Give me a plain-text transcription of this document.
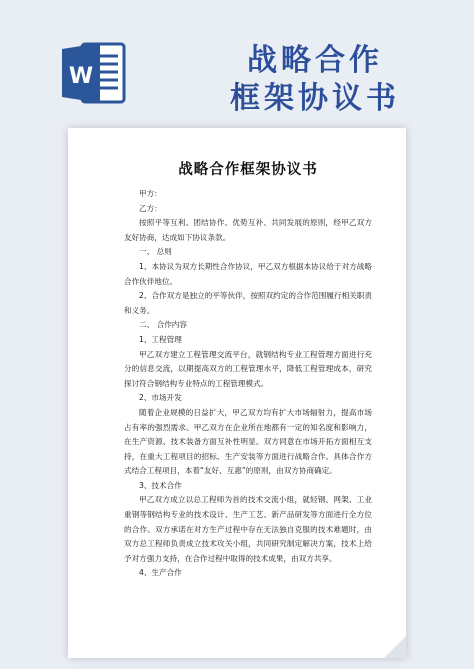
W	战略合作
框架协议书
战略合作框架协议书

甲方：

乙方：

按照平等互利、团结协作、优势互补、共同发展的原则，经甲乙双方友好协商，达成如下协议条款。

一、 总则

1、本协议为双方长期性合作协议，甲乙双方根据本协议给于对方战略合作伙伴地位。

2、合作双方是独立的平等伙伴，按照双约定的合作范围履行相关职责和义务。

二、 合作内容

1、工程管理

甲乙双方建立工程管理交流平台，就钢结构专业工程管理方面进行充分的信息交流，以期提高双方的工程管理水平，降低工程管理成本，研究探讨符合钢结构专业特点的工程管理模式。

2、市场开发

随着企业规模的日益扩大，甲乙双方均有扩大市场辐射力，提高市场占有率的强烈需求。甲乙双方在企业所在地都有一定的知名度和影响力，在生产资源、技术装备方面互补性明显。双方同意在市场开拓方面相互支持，在重大工程项目的招标、生产安装等方面进行战略合作。具体合作方式结合工程项目，本着“友好、互惠”的原则，由双方协商确定。

3、技术合作

甲乙双方成立以总工程师为首的技术交流小组，就轻钢、网架、工业重钢等钢结构专业的技术设计、生产工艺、新产品研发等方面进行全方位的合作。双方承诺在对方生产过程中存在无法独自克服的技术难题时，由双方总工程师负责成立技术攻关小组，共同研究制定解决方案，技术上给予对方强力支持，在合作过程中取得的技术成果，由双方共享。

4、生产合作
